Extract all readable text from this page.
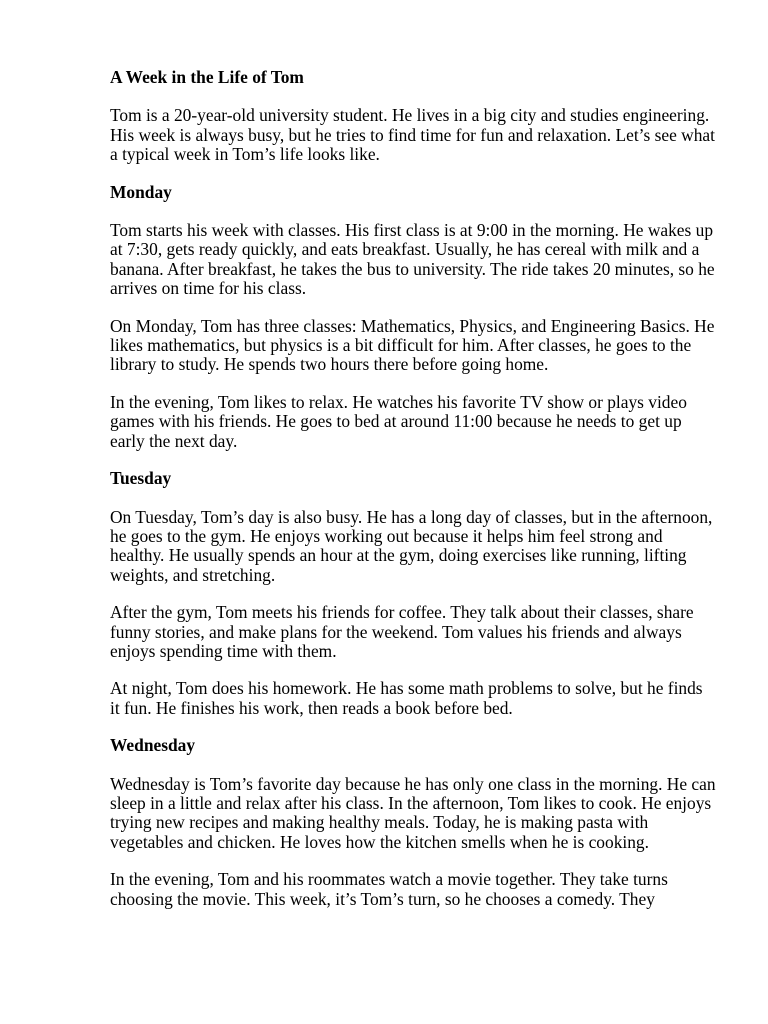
A Week in the Life of Tom
Tom is a 20-year-old university student. He lives in a big city and studies engineering. His week is always busy, but he tries to find time for fun and relaxation. Let’s see what a typical week in Tom’s life looks like.
Monday
Tom starts his week with classes. His first class is at 9:00 in the morning. He wakes up at 7:30, gets ready quickly, and eats breakfast. Usually, he has cereal with milk and a banana. After breakfast, he takes the bus to university. The ride takes 20 minutes, so he arrives on time for his class.
On Monday, Tom has three classes: Mathematics, Physics, and Engineering Basics. He likes mathematics, but physics is a bit difficult for him. After classes, he goes to the library to study. He spends two hours there before going home.
In the evening, Tom likes to relax. He watches his favorite TV show or plays video games with his friends. He goes to bed at around 11:00 because he needs to get up early the next day.
Tuesday
On Tuesday, Tom’s day is also busy. He has a long day of classes, but in the afternoon, he goes to the gym. He enjoys working out because it helps him feel strong and healthy. He usually spends an hour at the gym, doing exercises like running, lifting weights, and stretching.
After the gym, Tom meets his friends for coffee. They talk about their classes, share funny stories, and make plans for the weekend. Tom values his friends and always enjoys spending time with them.
At night, Tom does his homework. He has some math problems to solve, but he finds it fun. He finishes his work, then reads a book before bed.
Wednesday
Wednesday is Tom’s favorite day because he has only one class in the morning. He can sleep in a little and relax after his class. In the afternoon, Tom likes to cook. He enjoys trying new recipes and making healthy meals. Today, he is making pasta with vegetables and chicken. He loves how the kitchen smells when he is cooking.
In the evening, Tom and his roommates watch a movie together. They take turns choosing the movie. This week, it’s Tom’s turn, so he chooses a comedy. They
